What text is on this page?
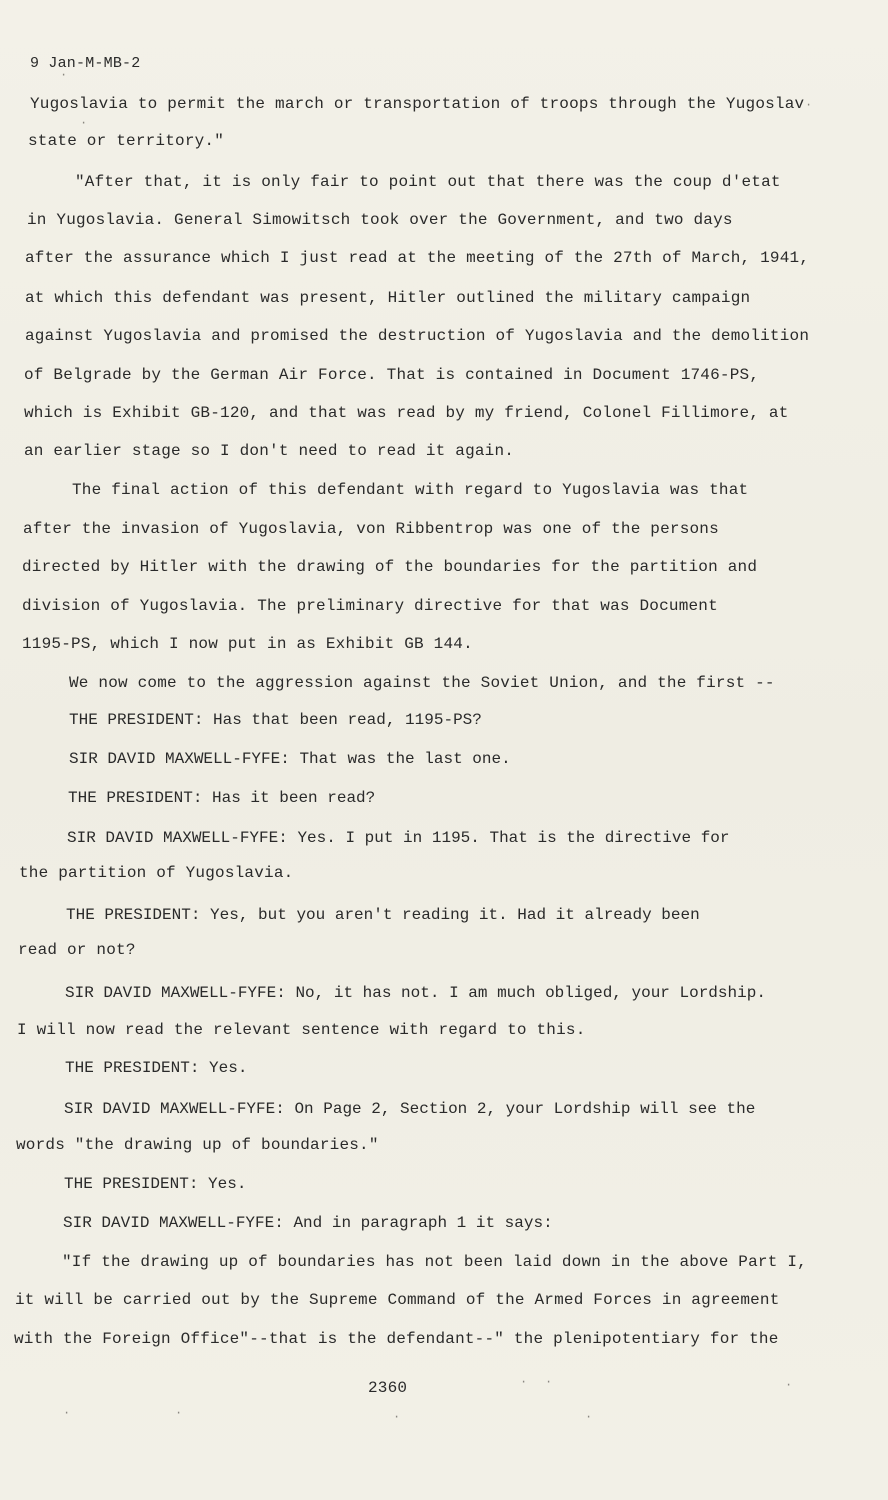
9 Jan-M-MB-2
Yugoslavia to permit the march or transportation of troops through the Yugoslav
state or territory."
"After that, it is only fair to point out that there was the coup d'etat
in Yugoslavia. General Simowitsch took over the Government, and two days
after the assurance which I just read at the meeting of the 27th of March, 1941,
at which this defendant was present, Hitler outlined the military campaign
against Yugoslavia and promised the destruction of Yugoslavia and the demolition
of Belgrade by the German Air Force. That is contained in Document 1746-PS,
which is Exhibit GB-120, and that was read by my friend, Colonel Fillimore, at
an earlier stage so I don't need to read it again.
The final action of this defendant with regard to Yugoslavia was that
after the invasion of Yugoslavia, von Ribbentrop was one of the persons
directed by Hitler with the drawing of the boundaries for the partition and
division of Yugoslavia. The preliminary directive for that was Document
1195-PS, which I now put in as Exhibit GB 144.
We now come to the aggression against the Soviet Union, and the first --
THE PRESIDENT: Has that been read, 1195-PS?
SIR DAVID MAXWELL-FYFE: That was the last one.
THE PRESIDENT: Has it been read?
SIR DAVID MAXWELL-FYFE: Yes. I put in 1195. That is the directive for
the partition of Yugoslavia.
THE PRESIDENT: Yes, but you aren't reading it. Had it already been
read or not?
SIR DAVID MAXWELL-FYFE: No, it has not. I am much obliged, your Lordship.
I will now read the relevant sentence with regard to this.
THE PRESIDENT: Yes.
SIR DAVID MAXWELL-FYFE: On Page 2, Section 2, your Lordship will see the
words "the drawing up of boundaries."
THE PRESIDENT: Yes.
SIR DAVID MAXWELL-FYFE: And in paragraph 1 it says:
"If the drawing up of boundaries has not been laid down in the above Part I,
it will be carried out by the Supreme Command of the Armed Forces in agreement
with the Foreign Office"--that is the defendant--" the plenipotentiary for the
2360
·
·
·
· ·	·
·	·	·	·
